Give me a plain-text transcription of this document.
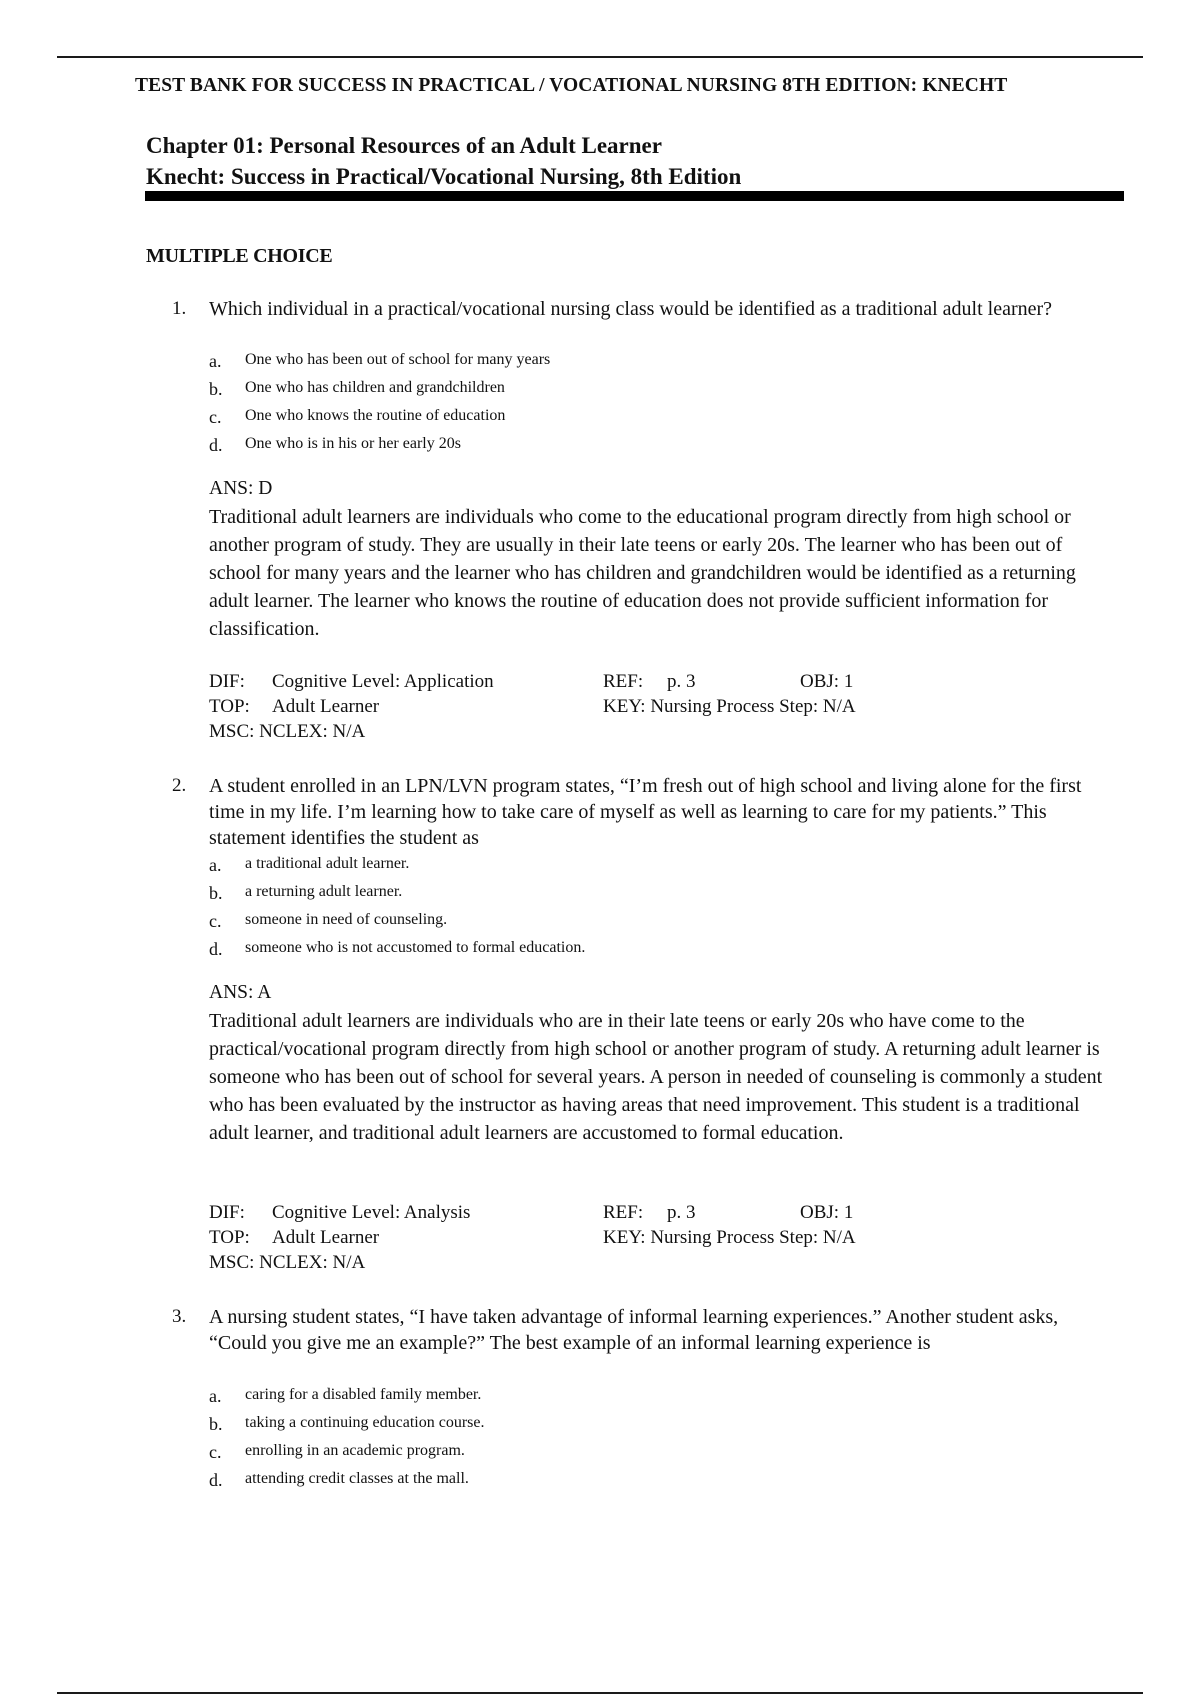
TEST BANK FOR SUCCESS IN PRACTICAL / VOCATIONAL NURSING 8TH EDITION: KNECHT
Chapter 01: Personal Resources of an Adult Learner
Knecht: Success in Practical/Vocational Nursing, 8th Edition
MULTIPLE CHOICE
1.	Which individual in a practical/vocational nursing class would be identified as a traditional adult learner?
a.	One who has been out of school for many years
b.	One who has children and grandchildren
c.	One who knows the routine of education
d.	One who is in his or her early 20s
ANS: D
Traditional adult learners are individuals who come to the educational program directly from high school or another program of study. They are usually in their late teens or early 20s. The learner who has been out of school for many years and the learner who has children and grandchildren would be identified as a returning adult learner. The learner who knows the routine of education does not provide sufficient information for classification.
DIF: Cognitive Level: Application	REF: p. 3	OBJ: 1
TOP: Adult Learner	KEY: Nursing Process Step: N/A
MSC: NCLEX: N/A
2.	A student enrolled in an LPN/LVN program states, “I’m fresh out of high school and living alone for the first time in my life. I’m learning how to take care of myself as well as learning to care for my patients.” This statement identifies the student as
a.	a traditional adult learner.
b.	a returning adult learner.
c.	someone in need of counseling.
d.	someone who is not accustomed to formal education.
ANS: A
Traditional adult learners are individuals who are in their late teens or early 20s who have come to the practical/vocational program directly from high school or another program of study. A returning adult learner is someone who has been out of school for several years. A person in needed of counseling is commonly a student who has been evaluated by the instructor as having areas that need improvement. This student is a traditional adult learner, and traditional adult learners are accustomed to formal education.
DIF: Cognitive Level: Analysis	REF: p. 3	OBJ: 1
TOP: Adult Learner	KEY: Nursing Process Step: N/A
MSC: NCLEX: N/A
3.	A nursing student states, “I have taken advantage of informal learning experiences.” Another student asks, “Could you give me an example?” The best example of an informal learning experience is
a.	caring for a disabled family member.
b.	taking a continuing education course.
c.	enrolling in an academic program.
d.	attending credit classes at the mall.
